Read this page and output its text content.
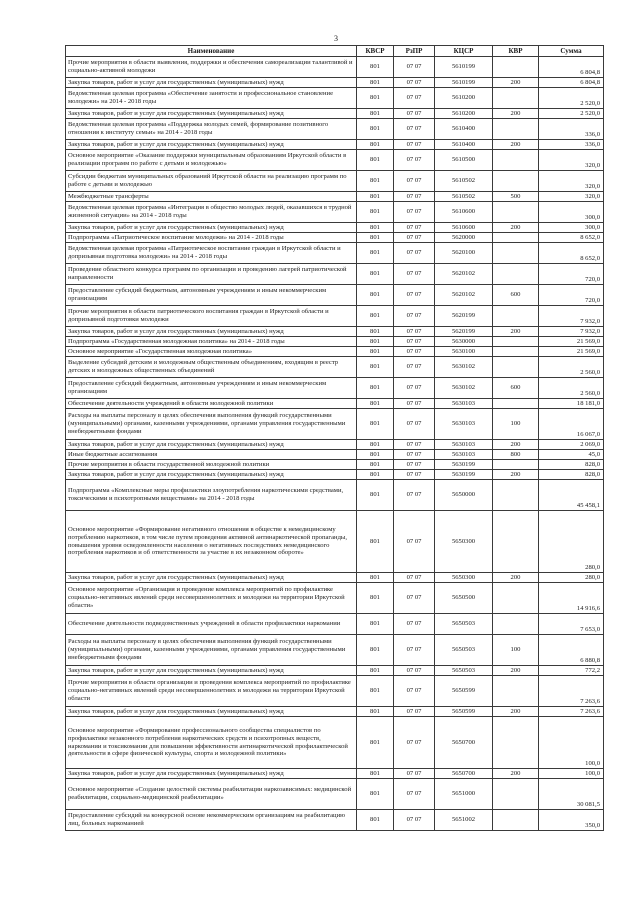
3
Наименование	КВСР	РзПР	КЦСР	КВР	Сумма
Прочие мероприятия в области выявления, поддержки и обеспечения самореализации талантливой и социально-активной молодежи	801	07 07	5610199		6 804,8
Закупка товаров, работ и услуг для государственных (муниципальных) нужд	801	07 07	5610199	200	6 804,8
Ведомственная целевая программа «Обеспечение занятости и профессиональное становление молодежи» на 2014 - 2018 годы	801	07 07	5610200		2 520,0
Закупка товаров, работ и услуг для государственных (муниципальных) нужд	801	07 07	5610200	200	2 520,0
Ведомственная целевая программа «Поддержка молодых семей, формирование позитивного отношения к институту семьи» на 2014 - 2018 годы	801	07 07	5610400		336,0
Закупка товаров, работ и услуг для государственных (муниципальных) нужд	801	07 07	5610400	200	336,0
Основное мероприятие «Оказание поддержки муниципальным образованиям Иркутской области в реализации программ по работе с детьми и молодежью»	801	07 07	5610500		320,0
Субсидии бюджетам муниципальных образований Иркутской области на реализацию программ по работе с детьми и молодежью	801	07 07	5610502		320,0
Межбюджетные трансферты	801	07 07	5610502	500	320,0
Ведомственная целевая программа «Интеграция в общество молодых людей, оказавшихся в трудной жизненной ситуации» на 2014 - 2018 годы	801	07 07	5610600		300,0
Закупка товаров, работ и услуг для государственных (муниципальных) нужд	801	07 07	5610600	200	300,0
Подпрограмма «Патриотическое воспитание молодежи» на 2014 - 2018 годы	801	07 07	5620000		8 652,0
Ведомственная целевая программа «Патриотическое воспитание граждан в Иркутской области и допризывная подготовка молодежи» на 2014 - 2018 годы	801	07 07	5620100		8 652,0
Проведение областного конкурса программ по организации и проведению лагерей патриотической направленности	801	07 07	5620102		720,0
Предоставление субсидий бюджетным, автономным учреждениям и иным некоммерческим организациям	801	07 07	5620102	600	720,0
Прочие мероприятия в области патриотического воспитания граждан в Иркутской области и допризывной подготовки молодежи	801	07 07	5620199		7 932,0
Закупка товаров, работ и услуг для государственных (муниципальных) нужд	801	07 07	5620199	200	7 932,0
Подпрограмма «Государственная молодежная политика» на 2014 - 2018 годы	801	07 07	5630000		21 569,0
Основное мероприятие «Государственная молодежная политика»	801	07 07	5630100		21 569,0
Выделение субсидий детским и молодежным общественным объединениям, входящим в реестр детских и молодежных общественных объединений	801	07 07	5630102		2 560,0
Предоставление субсидий бюджетным, автономным учреждениям и иным некоммерческим организациям	801	07 07	5630102	600	2 560,0
Обеспечение деятельности учреждений в области молодежной политики	801	07 07	5630103		18 181,0
Расходы на выплаты персоналу в целях обеспечения выполнения функций государственными (муниципальными) органами, казенными учреждениями, органами управления государственными внебюджетными фондами	801	07 07	5630103	100	16 067,0
Закупка товаров, работ и услуг для государственных (муниципальных) нужд	801	07 07	5630103	200	2 069,0
Иные бюджетные ассигнования	801	07 07	5630103	800	45,0
Прочие мероприятия в области государственной молодежной политики	801	07 07	5630199		828,0
Закупка товаров, работ и услуг для государственных (муниципальных) нужд	801	07 07	5630199	200	828,0
Подпрограмма «Комплексные меры профилактики злоупотребления наркотическими средствами, токсическими и психотропными веществами» на 2014 - 2018 годы	801	07 07	5650000		45 458,1
Основное мероприятие «Формирование негативного отношения в обществе к немедицинскому потреблению наркотиков, в том числе путем проведения активной антинаркотической пропаганды, повышения уровня осведомленности населения о негативных последствиях немедицинского потребления наркотиков и об ответственности за участие в их незаконном обороте»	801	07 07	5650300		280,0
Закупка товаров, работ и услуг для государственных (муниципальных) нужд	801	07 07	5650300	200	280,0
Основное мероприятие «Организация и проведение комплекса мероприятий по профилактике социально-негативных явлений среди несовершеннолетних и молодежи на территории Иркутской области»	801	07 07	5650500		14 916,6
Обеспечение деятельности подведомственных учреждений в области профилактики наркомании	801	07 07	5650503		7 653,0
Расходы на выплаты персоналу в целях обеспечения выполнения функций государственными (муниципальными) органами, казенными учреждениями, органами управления государственными внебюджетными фондами	801	07 07	5650503	100	6 880,8
Закупка товаров, работ и услуг для государственных (муниципальных) нужд	801	07 07	5650503	200	772,2
Прочие мероприятия в области организации и проведения комплекса мероприятий по профилактике социально-негативных явлений среди несовершеннолетних и молодежи на территории Иркутской области	801	07 07	5650599		7 263,6
Закупка товаров, работ и услуг для государственных (муниципальных) нужд	801	07 07	5650599	200	7 263,6
Основное мероприятие «Формирование профессионального сообщества специалистов по профилактике незаконного потребления наркотических средств и психотропных веществ, наркомании и токсикомании для повышения эффективности антинаркотической профилактической деятельности в сфере физической культуры, спорта и молодежной политики»	801	07 07	5650700		100,0
Закупка товаров, работ и услуг для государственных (муниципальных) нужд	801	07 07	5650700	200	100,0
Основное мероприятие «Создание целостной системы реабилитации наркозависимых: медицинской реабилитации, социально-медицинской реабилитации»	801	07 07	5651000		30 081,5
Предоставление субсидий на конкурсной основе некоммерческим организациям на реабилитацию лиц, больных наркоманией	801	07 07	5651002		350,0
